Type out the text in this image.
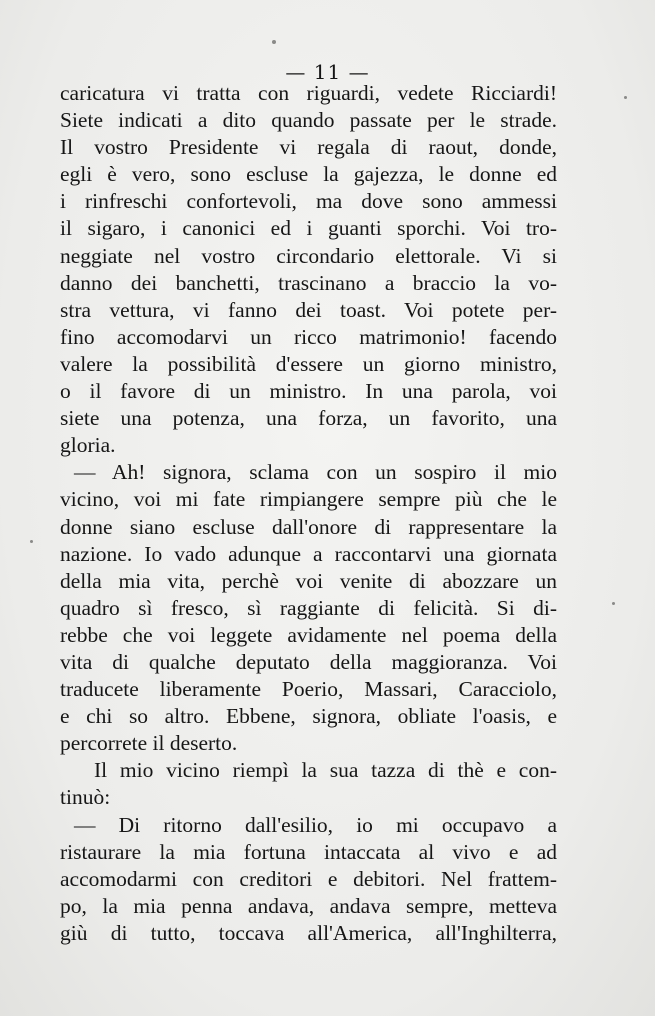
— 11 —
caricatura vi tratta con riguardi, vedete Ricciardi!
Siete indicati a dito quando passate per le strade.
Il vostro Presidente vi regala di raout, donde,
egli è vero, sono escluse la gajezza, le donne ed
i rinfreschi confortevoli, ma dove sono ammessi
il sigaro, i canonici ed i guanti sporchi. Voi tro-
neggiate nel vostro circondario elettorale. Vi si
danno dei banchetti, trascinano a braccio la vo-
stra vettura, vi fanno dei toast. Voi potete per-
fino accomodarvi un ricco matrimonio! facendo
valere la possibilità d'essere un giorno ministro,
o il favore di un ministro. In una parola, voi
siete una potenza, una forza, un favorito, una
gloria.
— Ah! signora, sclama con un sospiro il mio
vicino, voi mi fate rimpiangere sempre più che le
donne siano escluse dall'onore di rappresentare la
nazione. Io vado adunque a raccontarvi una giornata
della mia vita, perchè voi venite di abozzare un
quadro sì fresco, sì raggiante di felicità. Si di-
rebbe che voi leggete avidamente nel poema della
vita di qualche deputato della maggioranza. Voi
traducete liberamente Poerio, Massari, Caracciolo,
e chi so altro. Ebbene, signora, obliate l'oasis, e
percorrete il deserto.
Il mio vicino riempì la sua tazza di thè e con-
tinuò:
— Di ritorno dall'esilio, io mi occupavo a
ristaurare la mia fortuna intaccata al vivo e ad
accomodarmi con creditori e debitori. Nel frattem-
po, la mia penna andava, andava sempre, metteva
giù di tutto, toccava all'America, all'Inghilterra,
